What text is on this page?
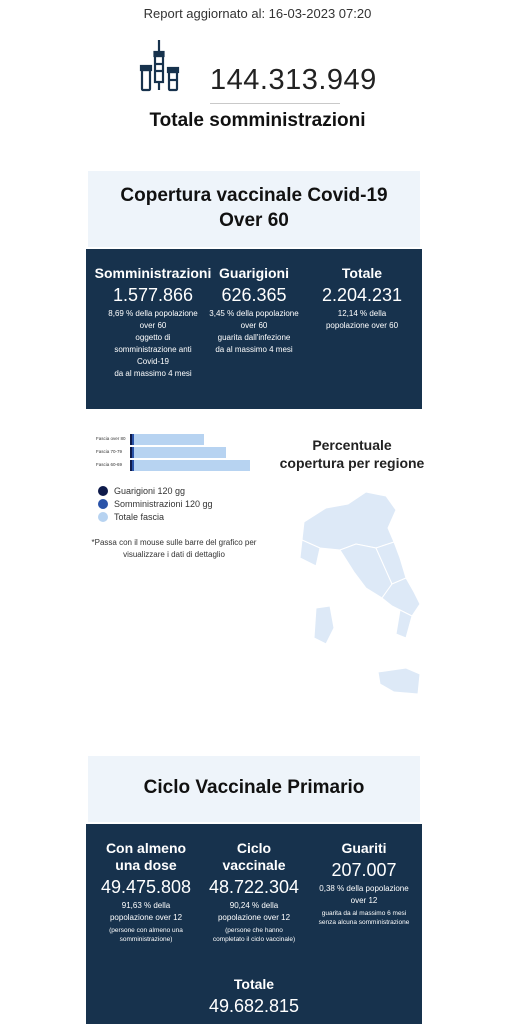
Report aggiornato al: 16-03-2023 07:20
144.313.949
Totale somministrazioni
Copertura vaccinale Covid-19
Over 60
Somministrazioni
1.577.866
8,69 % della popolazione
over 60
oggetto di
somministrazione anti
Covid-19
da al massimo 4 mesi
Guarigioni
626.365
3,45 % della popolazione
over 60
guarita dall'infezione
da al massimo 4 mesi
Totale
2.204.231
12,14 % della
popolazione over 60
Fascia over 80
Fascia 70-79
Fascia 60-69
Guarigioni 120 gg
Somministrazioni 120 gg
Totale fascia
*Passa con il mouse sulle barre del grafico per visualizzare i dati di dettaglio
Percentuale
copertura per regione
Ciclo Vaccinale Primario
Con almeno
una dose
49.475.808
91,63 % della
popolazione over 12
(persone con almeno una
somministrazione)
Ciclo
vaccinale
48.722.304
90,24 % della
popolazione over 12
(persone che hanno
completato il ciclo vaccinale)
Guariti
207.007
0,38 % della popolazione
over 12
guarita da al massimo 6 mesi
senza alcuna somministrazione
Totale
49.682.815
